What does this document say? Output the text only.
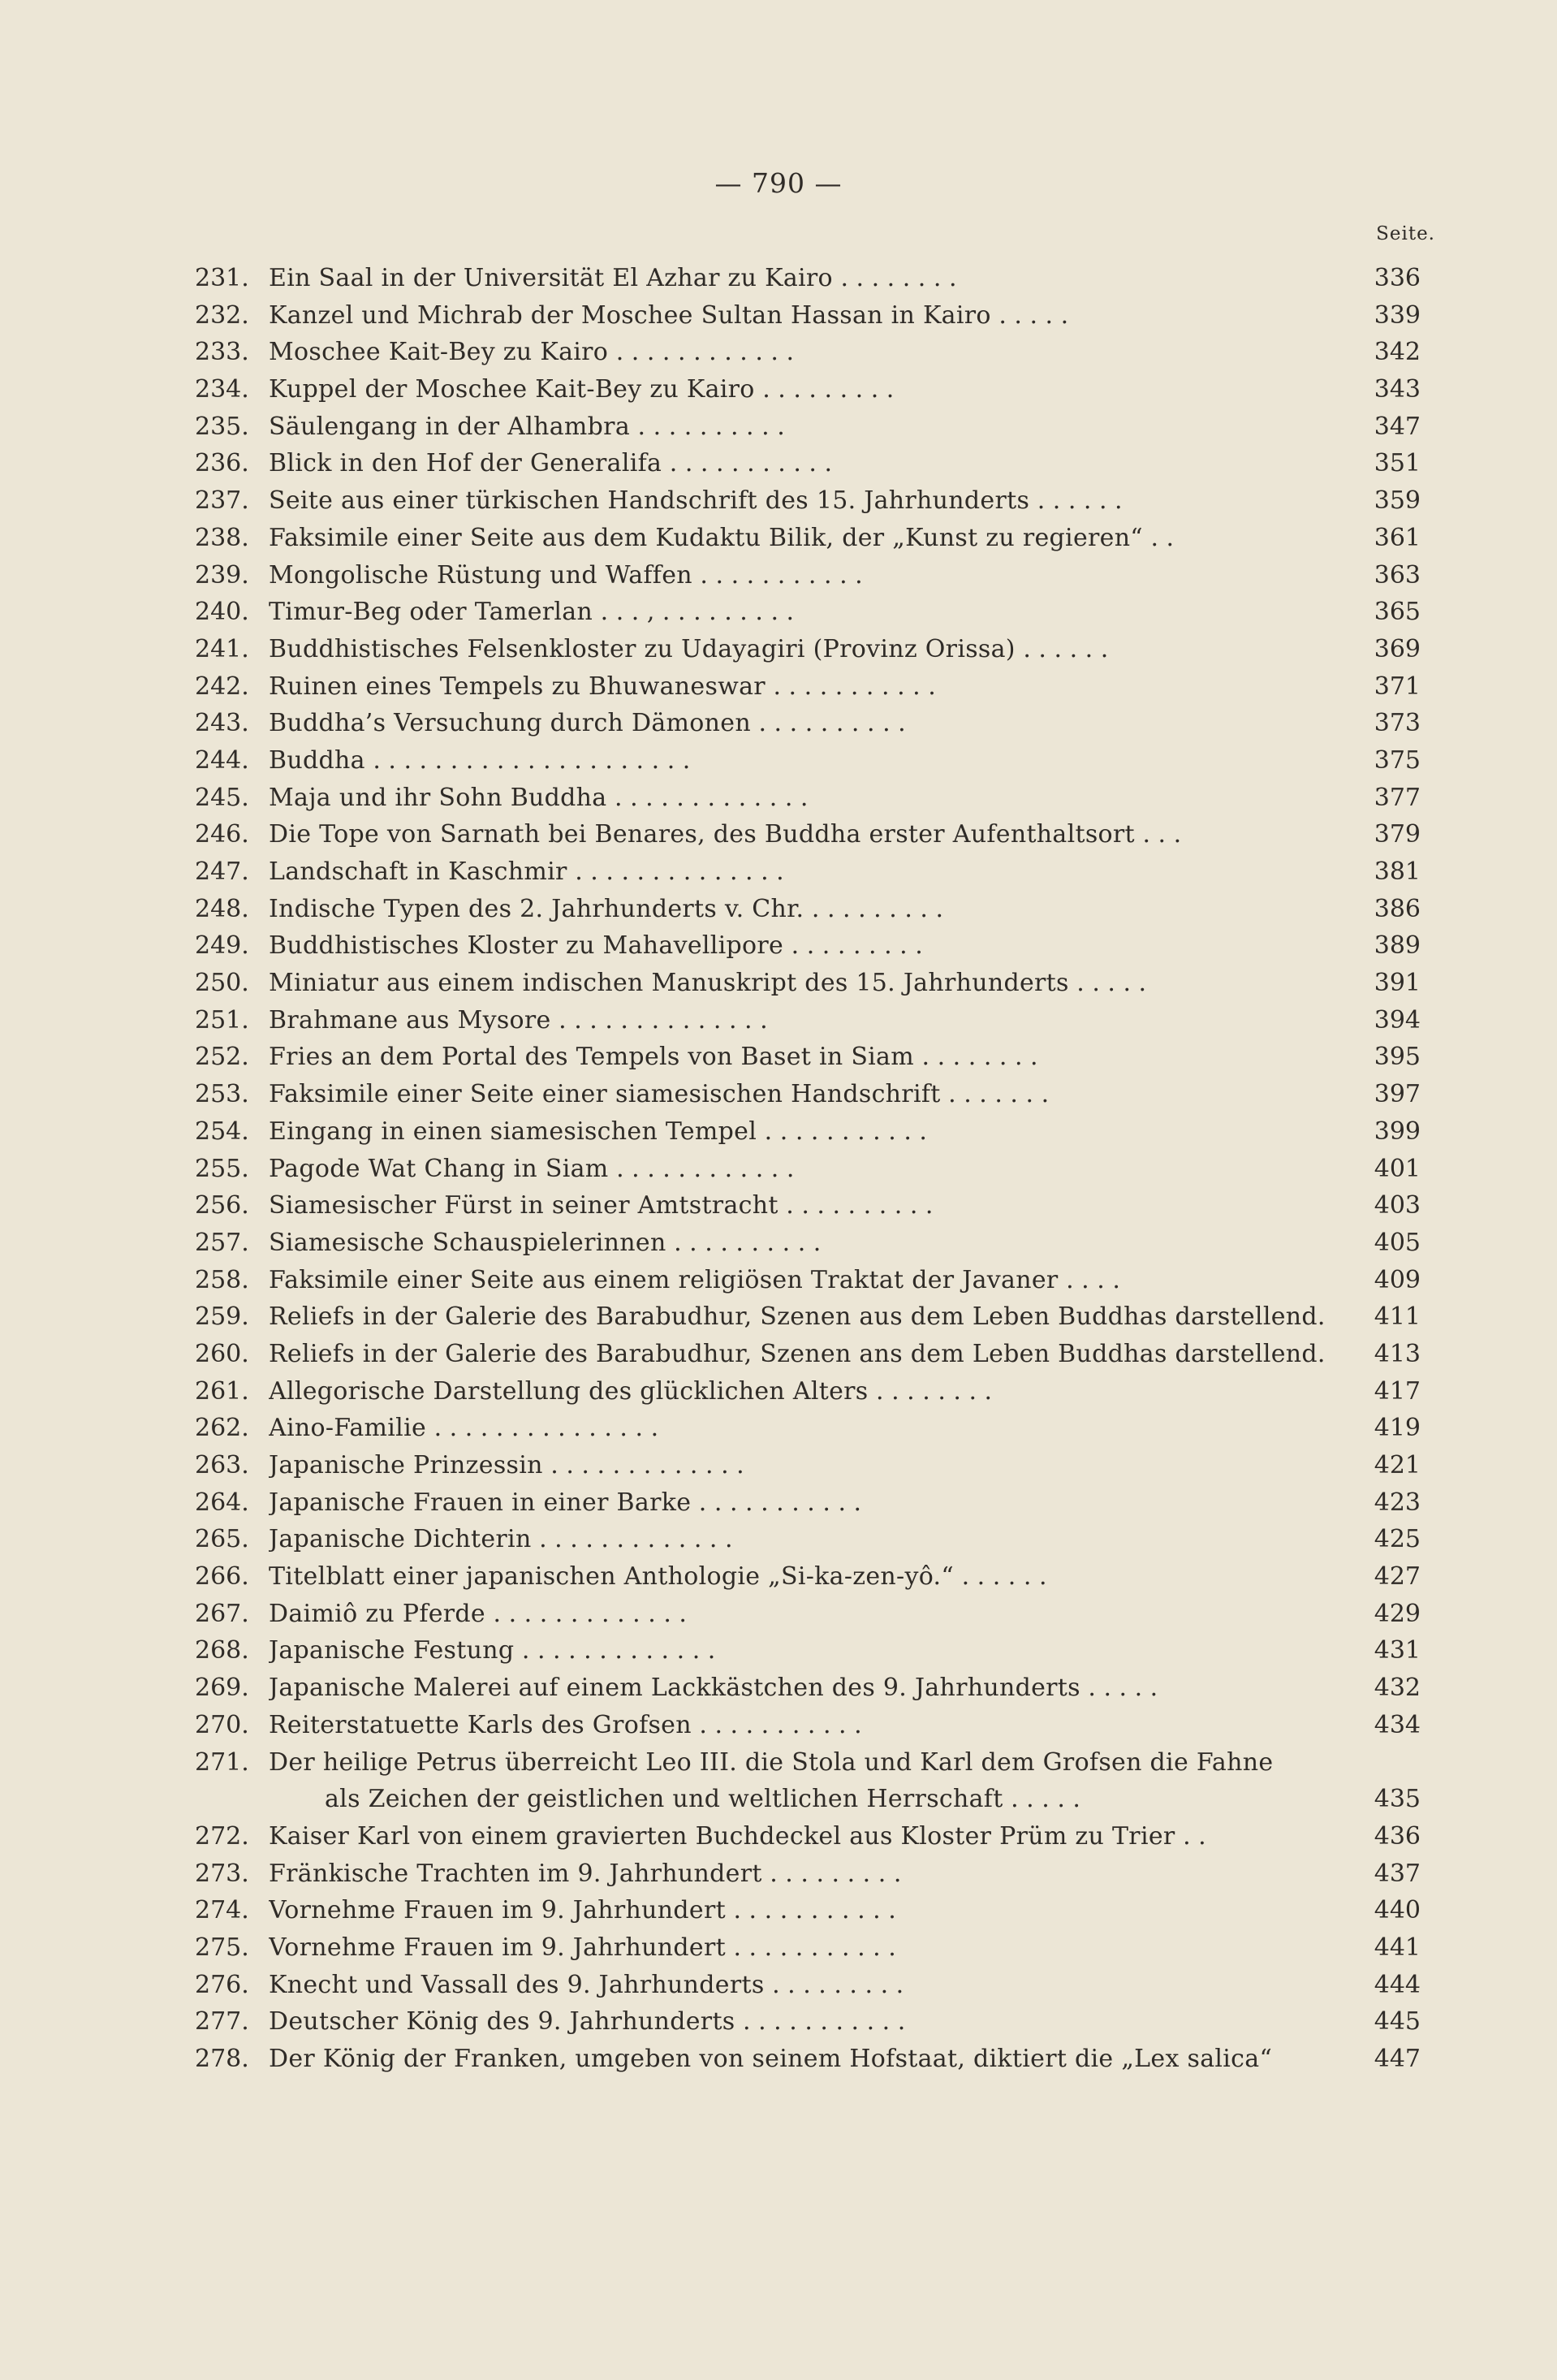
— 790 —
Seite.
231. Ein Saal in der Universität El Azhar zu Kairo . . . . . . . .	336
232. Kanzel und Michrab der Moschee Sultan Hassan in Kairo . . . . .	339
233. Moschee Kait-Bey zu Kairo . . . . . . . . . . . .	342
234. Kuppel der Moschee Kait-Bey zu Kairo . . . . . . . . .	343
235. Säulengang in der Alhambra . . . . . . . . . .	347
236. Blick in den Hof der Generalifa . . . . . . . . . . .	351
237. Seite aus einer türkischen Handschrift des 15. Jahrhunderts . . . . . .	359
238. Faksimile einer Seite aus dem Kudaktu Bilik, der „Kunst zu regieren“ . .	361
239. Mongolische Rüstung und Waffen . . . . . . . . . . .	363
240. Timur-Beg oder Tamerlan . . . , . . . . . . . . .	365
241. Buddhistisches Felsenkloster zu Udayagiri (Provinz Orissa) . . . . . .	369
242. Ruinen eines Tempels zu Bhuwaneswar . . . . . . . . . . .	371
243. Buddha’s Versuchung durch Dämonen . . . . . . . . . .	373
244. Buddha . . . . . . . . . . . . . . . . . . . . .	375
245. Maja und ihr Sohn Buddha . . . . . . . . . . . . .	377
246. Die Tope von Sarnath bei Benares, des Buddha erster Aufenthaltsort . . .	379
247. Landschaft in Kaschmir . . . . . . . . . . . . . .	381
248. Indische Typen des 2. Jahrhunderts v. Chr. . . . . . . . . .	386
249. Buddhistisches Kloster zu Mahavellipore . . . . . . . . .	389
250. Miniatur aus einem indischen Manuskript des 15. Jahrhunderts . . . . .	391
251. Brahmane aus Mysore . . . . . . . . . . . . . .	394
252. Fries an dem Portal des Tempels von Baset in Siam . . . . . . . .	395
253. Faksimile einer Seite einer siamesischen Handschrift . . . . . . .	397
254. Eingang in einen siamesischen Tempel . . . . . . . . . . .	399
255. Pagode Wat Chang in Siam . . . . . . . . . . . .	401
256. Siamesischer Fürst in seiner Amtstracht . . . . . . . . . .	403
257. Siamesische Schauspielerinnen . . . . . . . . . .	405
258. Faksimile einer Seite aus einem religiösen Traktat der Javaner . . . .	409
259. Reliefs in der Galerie des Barabudhur, Szenen aus dem Leben Buddhas darstellend.	411
260. Reliefs in der Galerie des Barabudhur, Szenen ans dem Leben Buddhas darstellend.	413
261. Allegorische Darstellung des glücklichen Alters . . . . . . . .	417
262. Aino-Familie . . . . . . . . . . . . . . .	419
263. Japanische Prinzessin . . . . . . . . . . . . .	421
264. Japanische Frauen in einer Barke . . . . . . . . . . .	423
265. Japanische Dichterin . . . . . . . . . . . . .	425
266. Titelblatt einer japanischen Anthologie „Si-ka-zen-yô.“ . . . . . .	427
267. Daimiô zu Pferde . . . . . . . . . . . . .	429
268. Japanische Festung . . . . . . . . . . . . .	431
269. Japanische Malerei auf einem Lackkästchen des 9. Jahrhunderts . . . . .	432
270. Reiterstatuette Karls des Grofsen . . . . . . . . . . .	434
271. Der heilige Petrus überreicht Leo III. die Stola und Karl dem Grofsen die Fahne
als Zeichen der geistlichen und weltlichen Herrschaft . . . . .	435
272. Kaiser Karl von einem gravierten Buchdeckel aus Kloster Prüm zu Trier . .	436
273. Fränkische Trachten im 9. Jahrhundert . . . . . . . . .	437
274. Vornehme Frauen im 9. Jahrhundert . . . . . . . . . . .	440
275. Vornehme Frauen im 9. Jahrhundert . . . . . . . . . . .	441
276. Knecht und Vassall des 9. Jahrhunderts . . . . . . . . .	444
277. Deutscher König des 9. Jahrhunderts . . . . . . . . . . .	445
278. Der König der Franken, umgeben von seinem Hofstaat, diktiert die „Lex salica“	447
